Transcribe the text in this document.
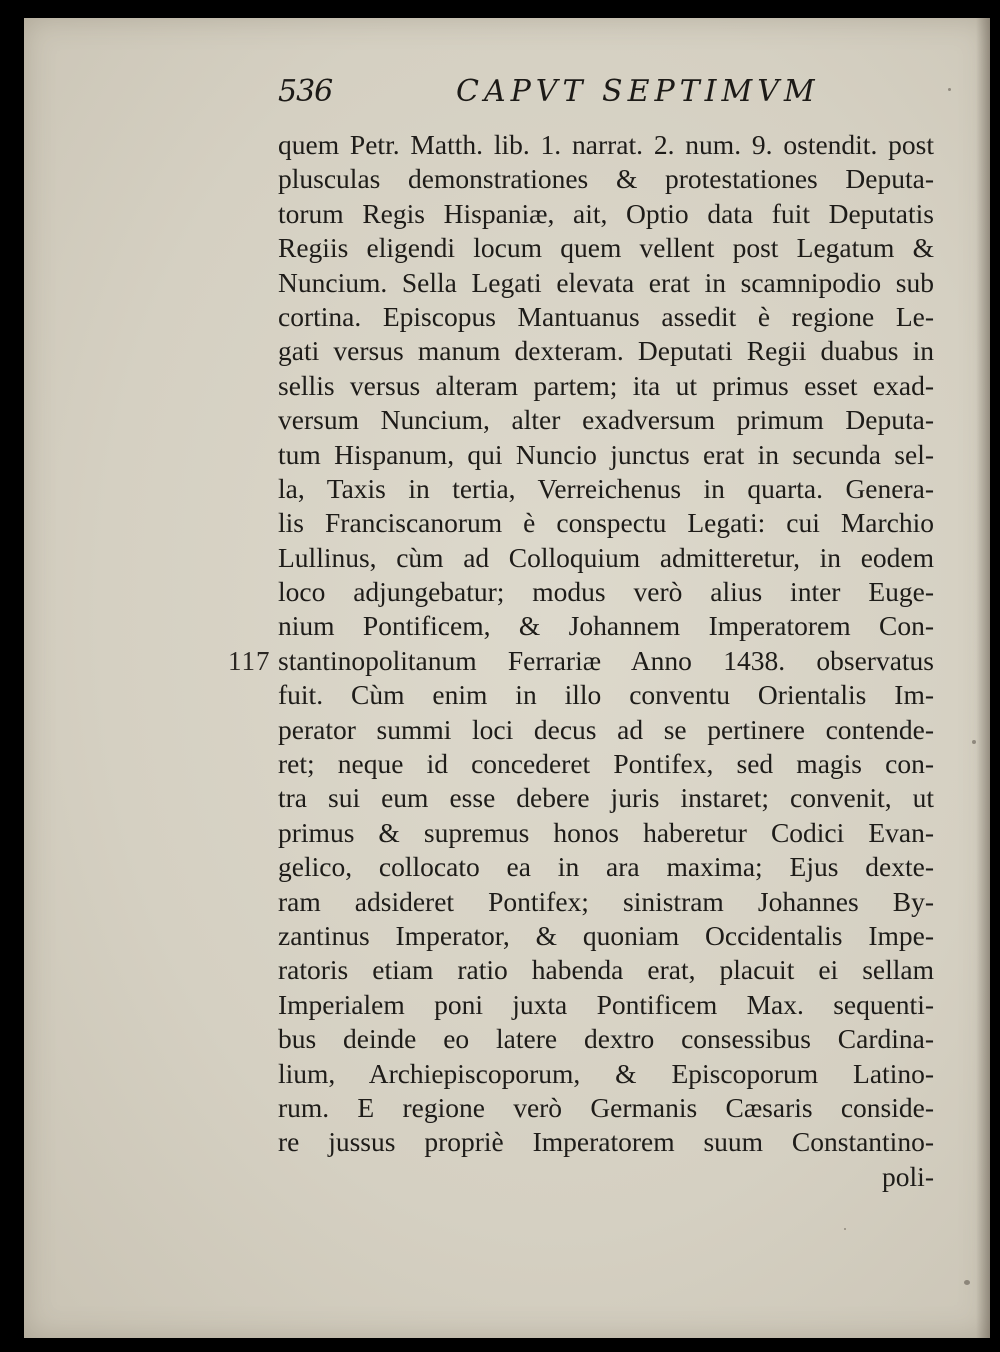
536	CAPVT SEPTIMVM
117
quem Petr. Matth. lib. 1. narrat. 2. num. 9. ostendit. post
plusculas demonstrationes & protestationes Deputa-
torum Regis Hispaniæ, ait, Optio data fuit Deputatis
Regiis eligendi locum quem vellent post Legatum &
Nuncium. Sella Legati elevata erat in scamnipodio sub
cortina. Episcopus Mantuanus assedit è regione Le-
gati versus manum dexteram. Deputati Regii duabus in
sellis versus alteram partem; ita ut primus esset exad-
versum Nuncium, alter exadversum primum Deputa-
tum Hispanum, qui Nuncio junctus erat in secunda sel-
la, Taxis in tertia, Verreichenus in quarta. Genera-
lis Franciscanorum è conspectu Legati: cui Marchio
Lullinus, cùm ad Colloquium admitteretur, in eodem
loco adjungebatur; modus verò alius inter Euge-
nium Pontificem, & Johannem Imperatorem Con-
stantinopolitanum Ferrariæ Anno 1438. observatus
fuit. Cùm enim in illo conventu Orientalis Im-
perator summi loci decus ad se pertinere contende-
ret; neque id concederet Pontifex, sed magis con-
tra sui eum esse debere juris instaret; convenit, ut
primus & supremus honos haberetur Codici Evan-
gelico, collocato ea in ara maxima; Ejus dexte-
ram adsideret Pontifex; sinistram Johannes By-
zantinus Imperator, & quoniam Occidentalis Impe-
ratoris etiam ratio habenda erat, placuit ei sellam
Imperialem poni juxta Pontificem Max. sequenti-
bus deinde eo latere dextro consessibus Cardina-
lium, Archiepiscoporum, & Episcoporum Latino-
rum. E regione verò Germanis Cæsaris conside-
re jussus propriè Imperatorem suum Constantino-
poli-
